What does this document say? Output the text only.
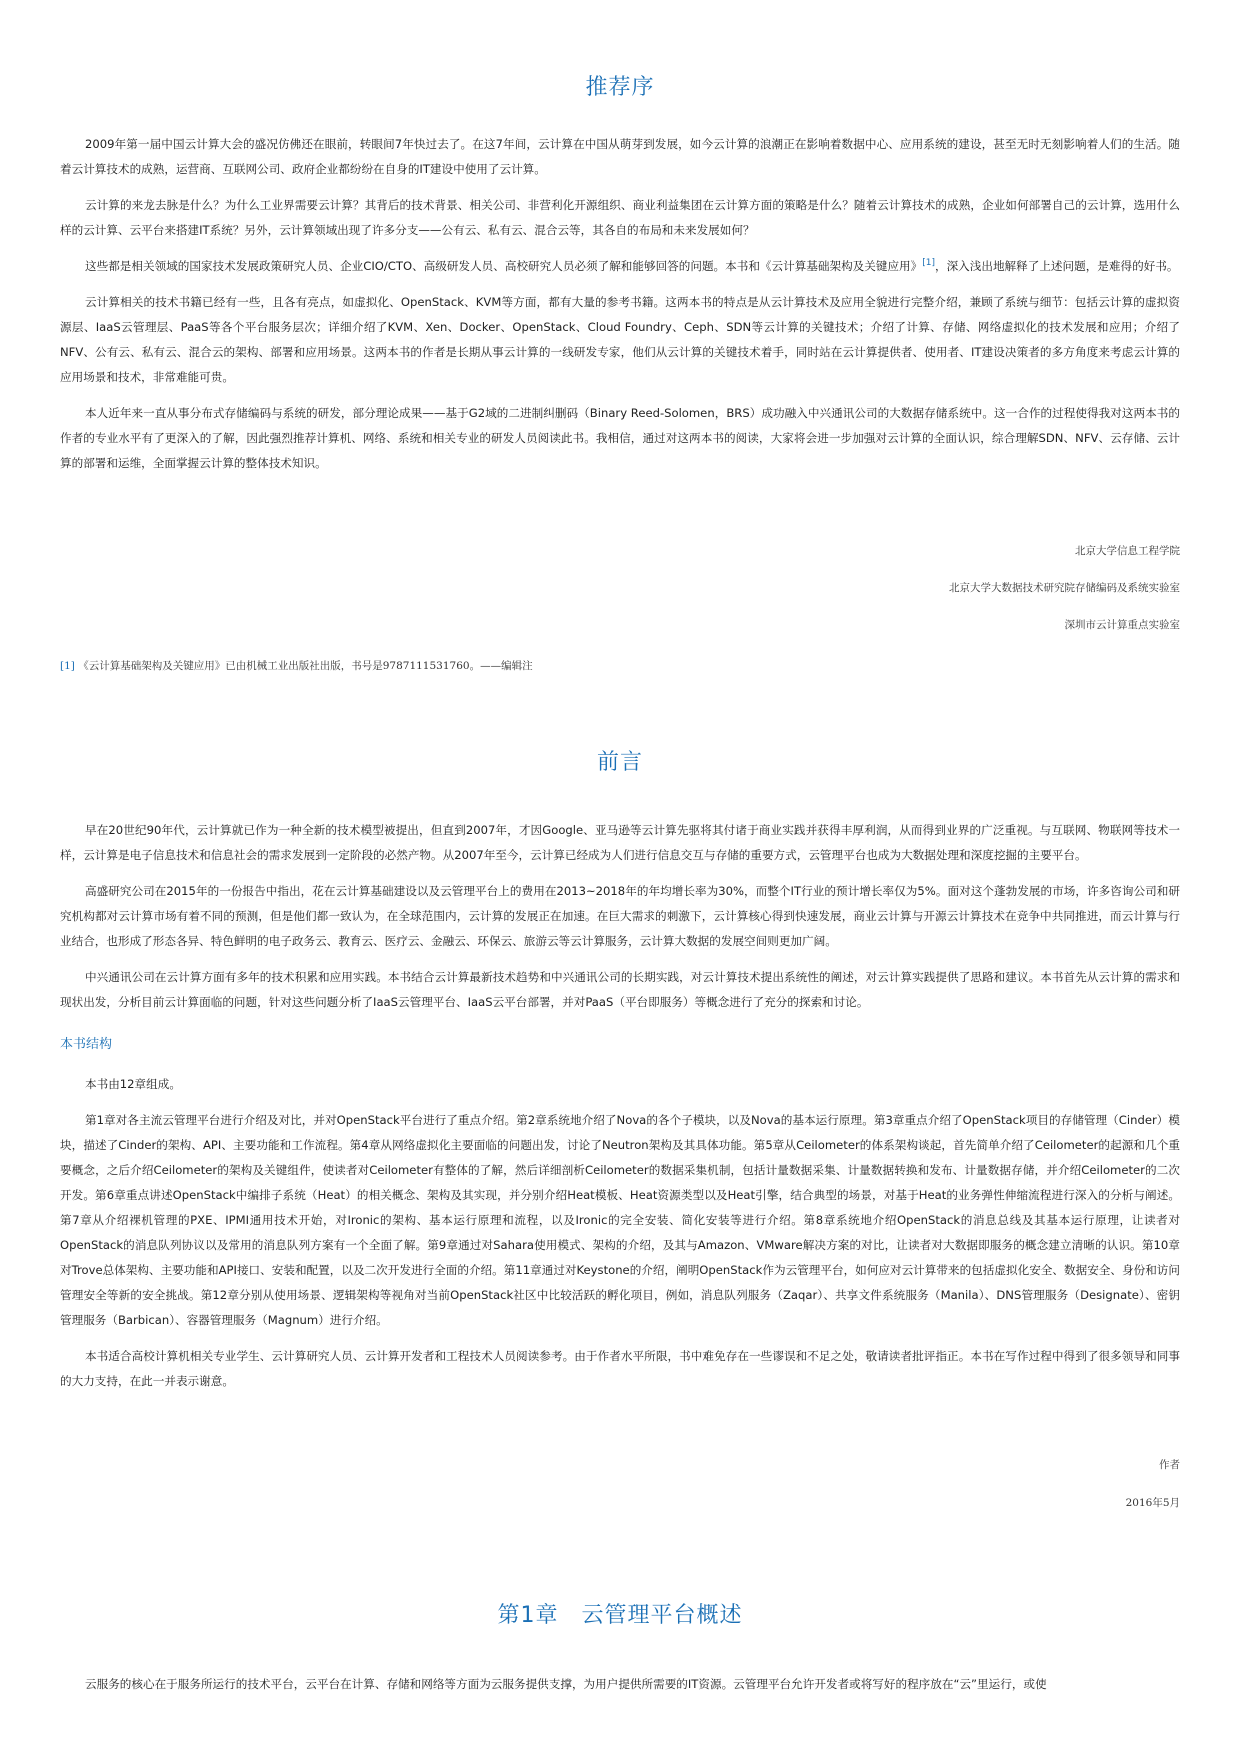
推荐序

2009年第一届中国云计算大会的盛况仿佛还在眼前，转眼间7年快过去了。在这7年间，云计算在中国从萌芽到发展，如今云计算的浪潮正在影响着数据中心、应用系统的建设，甚至无时无刻影响着人们的生活。随着云计算技术的成熟，运营商、互联网公司、政府企业都纷纷在自身的IT建设中使用了云计算。

云计算的来龙去脉是什么？为什么工业界需要云计算？其背后的技术背景、相关公司、非营利化开源组织、商业利益集团在云计算方面的策略是什么？随着云计算技术的成熟，企业如何部署自己的云计算，选用什么样的云计算、云平台来搭建IT系统？另外，云计算领域出现了许多分支——公有云、私有云、混合云等，其各自的布局和未来发展如何？

这些都是相关领域的国家技术发展政策研究人员、企业CIO/CTO、高级研发人员、高校研究人员必须了解和能够回答的问题。本书和《云计算基础架构及关键应用》[1]，深入浅出地解释了上述问题，是难得的好书。

云计算相关的技术书籍已经有一些，且各有亮点，如虚拟化、OpenStack、KVM等方面，都有大量的参考书籍。这两本书的特点是从云计算技术及应用全貌进行完整介绍，兼顾了系统与细节：包括云计算的虚拟资源层、IaaS云管理层、PaaS等各个平台服务层次；详细介绍了KVM、Xen、Docker、OpenStack、Cloud Foundry、Ceph、SDN等云计算的关键技术；介绍了计算、存储、网络虚拟化的技术发展和应用；介绍了NFV、公有云、私有云、混合云的架构、部署和应用场景。这两本书的作者是长期从事云计算的一线研发专家，他们从云计算的关键技术着手，同时站在云计算提供者、使用者、IT建设决策者的多方角度来考虑云计算的应用场景和技术，非常难能可贵。

本人近年来一直从事分布式存储编码与系统的研发，部分理论成果——基于G2域的二进制纠删码（Binary Reed-Solomen，BRS）成功融入中兴通讯公司的大数据存储系统中。这一合作的过程使得我对这两本书的作者的专业水平有了更深入的了解，因此强烈推荐计算机、网络、系统和相关专业的研发人员阅读此书。我相信，通过对这两本书的阅读，大家将会进一步加强对云计算的全面认识，综合理解SDN、NFV、云存储、云计算的部署和运维，全面掌握云计算的整体技术知识。

北京大学信息工程学院

北京大学大数据技术研究院存储编码及系统实验室

深圳市云计算重点实验室

[1] 《云计算基础架构及关键应用》已由机械工业出版社出版，书号是9787111531760。——编辑注

前言

早在20世纪90年代，云计算就已作为一种全新的技术模型被提出，但直到2007年，才因Google、亚马逊等云计算先驱将其付诸于商业实践并获得丰厚利润，从而得到业界的广泛重视。与互联网、物联网等技术一样，云计算是电子信息技术和信息社会的需求发展到一定阶段的必然产物。从2007年至今，云计算已经成为人们进行信息交互与存储的重要方式，云管理平台也成为大数据处理和深度挖掘的主要平台。

高盛研究公司在2015年的一份报告中指出，花在云计算基础建设以及云管理平台上的费用在2013~2018年的年均增长率为30%，而整个IT行业的预计增长率仅为5%。面对这个蓬勃发展的市场，许多咨询公司和研究机构都对云计算市场有着不同的预测，但是他们都一致认为，在全球范围内，云计算的发展正在加速。在巨大需求的刺激下，云计算核心得到快速发展，商业云计算与开源云计算技术在竞争中共同推进，而云计算与行业结合，也形成了形态各异、特色鲜明的电子政务云、教育云、医疗云、金融云、环保云、旅游云等云计算服务，云计算大数据的发展空间则更加广阔。

中兴通讯公司在云计算方面有多年的技术积累和应用实践。本书结合云计算最新技术趋势和中兴通讯公司的长期实践，对云计算技术提出系统性的阐述，对云计算实践提供了思路和建议。本书首先从云计算的需求和现状出发，分析目前云计算面临的问题，针对这些问题分析了IaaS云管理平台、IaaS云平台部署，并对PaaS（平台即服务）等概念进行了充分的探索和讨论。

本书结构

本书由12章组成。

第1章对各主流云管理平台进行介绍及对比，并对OpenStack平台进行了重点介绍。第2章系统地介绍了Nova的各个子模块，以及Nova的基本运行原理。第3章重点介绍了OpenStack项目的存储管理（Cinder）模块，描述了Cinder的架构、API、主要功能和工作流程。第4章从网络虚拟化主要面临的问题出发，讨论了Neutron架构及其具体功能。第5章从Ceilometer的体系架构谈起，首先简单介绍了Ceilometer的起源和几个重要概念，之后介绍Ceilometer的架构及关键组件，使读者对Ceilometer有整体的了解，然后详细剖析Ceilometer的数据采集机制，包括计量数据采集、计量数据转换和发布、计量数据存储，并介绍Ceilometer的二次开发。第6章重点讲述OpenStack中编排子系统（Heat）的相关概念、架构及其实现，并分别介绍Heat模板、Heat资源类型以及Heat引擎，结合典型的场景，对基于Heat的业务弹性伸缩流程进行深入的分析与阐述。第7章从介绍裸机管理的PXE、IPMI通用技术开始，对Ironic的架构、基本运行原理和流程，以及Ironic的完全安装、简化安装等进行介绍。第8章系统地介绍OpenStack的消息总线及其基本运行原理，让读者对OpenStack的消息队列协议以及常用的消息队列方案有一个全面了解。第9章通过对Sahara使用模式、架构的介绍，及其与Amazon、VMware解决方案的对比，让读者对大数据即服务的概念建立清晰的认识。第10章对Trove总体架构、主要功能和API接口、安装和配置，以及二次开发进行全面的介绍。第11章通过对Keystone的介绍，阐明OpenStack作为云管理平台，如何应对云计算带来的包括虚拟化安全、数据安全、身份和访问管理安全等新的安全挑战。第12章分别从使用场景、逻辑架构等视角对当前OpenStack社区中比较活跃的孵化项目，例如，消息队列服务（Zaqar）、共享文件系统服务（Manila）、DNS管理服务（Designate）、密钥管理服务（Barbican）、容器管理服务（Magnum）进行介绍。

本书适合高校计算机相关专业学生、云计算研究人员、云计算开发者和工程技术人员阅读参考。由于作者水平所限，书中难免存在一些谬误和不足之处，敬请读者批评指正。本书在写作过程中得到了很多领导和同事的大力支持，在此一并表示谢意。

作者

2016年5月

第1章　云管理平台概述

云服务的核心在于服务所运行的技术平台，云平台在计算、存储和网络等方面为云服务提供支撑，为用户提供所需要的IT资源。云管理平台允许开发者或将写好的程序放在“云”里运行，或使
